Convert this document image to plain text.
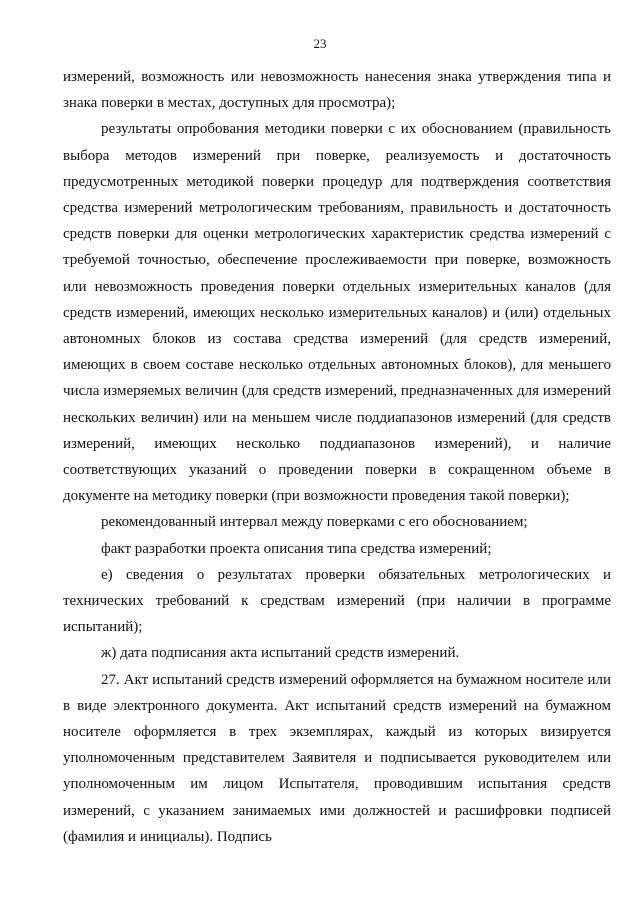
23

измерений, возможность или невозможность нанесения знака утверждения типа и знака поверки в местах, доступных для просмотра);

результаты опробования методики поверки с их обоснованием (правильность выбора методов измерений при поверке, реализуемость и достаточность предусмотренных методикой поверки процедур для подтверждения соответствия средства измерений метрологическим требованиям, правильность и достаточность средств поверки для оценки метрологических характеристик средства измерений с требуемой точностью, обеспечение прослеживаемости при поверке, возможность или невозможность проведения поверки отдельных измерительных каналов (для средств измерений, имеющих несколько измерительных каналов) и (или) отдельных автономных блоков из состава средства измерений (для средств измерений, имеющих в своем составе несколько отдельных автономных блоков), для меньшего числа измеряемых величин (для средств измерений, предназначенных для измерений нескольких величин) или на меньшем числе поддиапазонов измерений (для средств измерений, имеющих несколько поддиапазонов измерений), и наличие соответствующих указаний о проведении поверки в сокращенном объеме в документе на методику поверки (при возможности проведения такой поверки);

рекомендованный интервал между поверками с его обоснованием;

факт разработки проекта описания типа средства измерений;

е) сведения о результатах проверки обязательных метрологических и технических требований к средствам измерений (при наличии в программе испытаний);

ж) дата подписания акта испытаний средств измерений.

27. Акт испытаний средств измерений оформляется на бумажном носителе или в виде электронного документа. Акт испытаний средств измерений на бумажном носителе оформляется в трех экземплярах, каждый из которых визируется уполномоченным представителем Заявителя и подписывается руководителем или уполномоченным им лицом Испытателя, проводившим испытания средств измерений, с указанием занимаемых ими должностей и расшифровки подписей (фамилия и инициалы). Подпись
